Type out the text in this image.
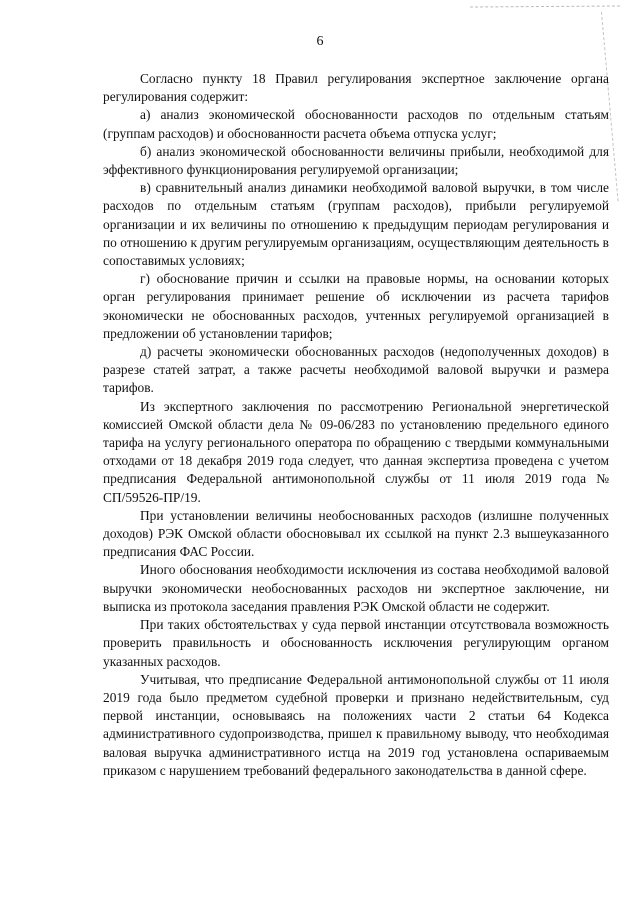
6

Согласно пункту 18 Правил регулирования экспертное заключение органа регулирования содержит:

а) анализ экономической обоснованности расходов по отдельным статьям (группам расходов) и обоснованности расчета объема отпуска услуг;

б) анализ экономической обоснованности величины прибыли, необходимой для эффективного функционирования регулируемой организации;

в) сравнительный анализ динамики необходимой валовой выручки, в том числе расходов по отдельным статьям (группам расходов), прибыли регулируемой организации и их величины по отношению к предыдущим периодам регулирования и по отношению к другим регулируемым организациям, осуществляющим деятельность в сопоставимых условиях;

г) обоснование причин и ссылки на правовые нормы, на основании которых орган регулирования принимает решение об исключении из расчета тарифов экономически не обоснованных расходов, учтенных регулируемой организацией в предложении об установлении тарифов;

д) расчеты экономически обоснованных расходов (недополученных доходов) в разрезе статей затрат, а также расчеты необходимой валовой выручки и размера тарифов.

Из экспертного заключения по рассмотрению Региональной энергетической комиссией Омской области дела № 09-06/283 по установлению предельного единого тарифа на услугу регионального оператора по обращению с твердыми коммунальными отходами от 18 декабря 2019 года следует, что данная экспертиза проведена с учетом предписания Федеральной антимонопольной службы от 11 июля 2019 года № СП/59526-ПР/19.

При установлении величины необоснованных расходов (излишне полученных доходов) РЭК Омской области обосновывал их ссылкой на пункт 2.3 вышеуказанного предписания ФАС России.

Иного обоснования необходимости исключения из состава необходимой валовой выручки экономически необоснованных расходов ни экспертное заключение, ни выписка из протокола заседания правления РЭК Омской области не содержит.

При таких обстоятельствах у суда первой инстанции отсутствовала возможность проверить правильность и обоснованность исключения регулирующим органом указанных расходов.

Учитывая, что предписание Федеральной антимонопольной службы от 11 июля 2019 года было предметом судебной проверки и признано недействительным, суд первой инстанции, основываясь на положениях части 2 статьи 64 Кодекса административного судопроизводства, пришел к правильному выводу, что необходимая валовая выручка административного истца на 2019 год установлена оспариваемым приказом с нарушением требований федерального законодательства в данной сфере.
